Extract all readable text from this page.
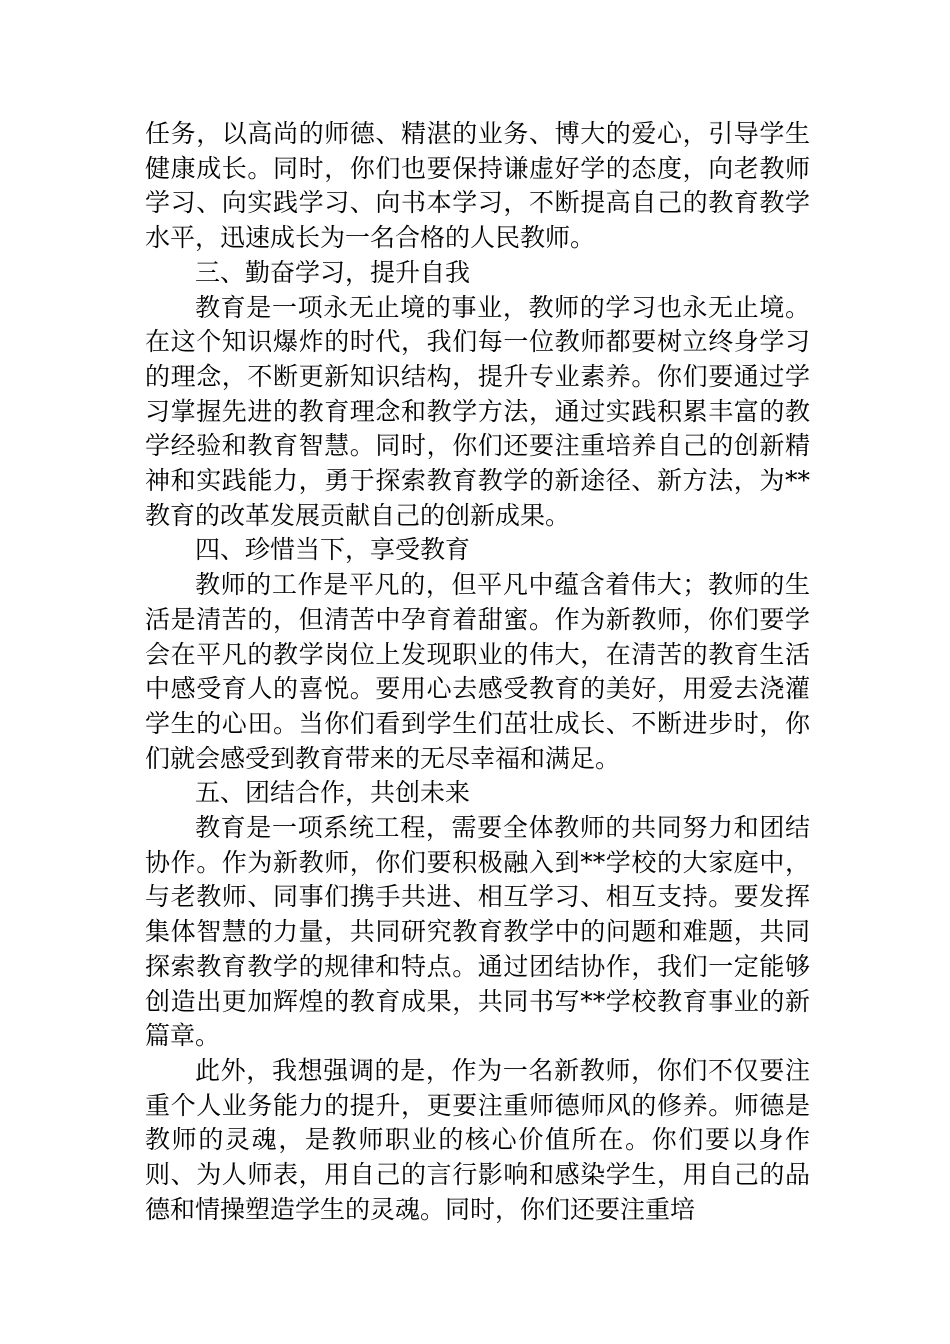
任务，以高尚的师德、精湛的业务、博大的爱心，引导学生健康成长。同时，你们也要保持谦虚好学的态度，向老教师学习、向实践学习、向书本学习，不断提高自己的教育教学水平，迅速成长为一名合格的人民教师。

三、勤奋学习，提升自我

教育是一项永无止境的事业，教师的学习也永无止境。在这个知识爆炸的时代，我们每一位教师都要树立终身学习的理念，不断更新知识结构，提升专业素养。你们要通过学习掌握先进的教育理念和教学方法，通过实践积累丰富的教学经验和教育智慧。同时，你们还要注重培养自己的创新精神和实践能力，勇于探索教育教学的新途径、新方法，为**教育的改革发展贡献自己的创新成果。

四、珍惜当下，享受教育

教师的工作是平凡的，但平凡中蕴含着伟大；教师的生活是清苦的，但清苦中孕育着甜蜜。作为新教师，你们要学会在平凡的教学岗位上发现职业的伟大，在清苦的教育生活中感受育人的喜悦。要用心去感受教育的美好，用爱去浇灌学生的心田。当你们看到学生们茁壮成长、不断进步时，你们就会感受到教育带来的无尽幸福和满足。

五、团结合作，共创未来

教育是一项系统工程，需要全体教师的共同努力和团结协作。作为新教师，你们要积极融入到**学校的大家庭中，与老教师、同事们携手共进、相互学习、相互支持。要发挥集体智慧的力量，共同研究教育教学中的问题和难题，共同探索教育教学的规律和特点。通过团结协作，我们一定能够创造出更加辉煌的教育成果，共同书写**学校教育事业的新篇章。

此外，我想强调的是，作为一名新教师，你们不仅要注重个人业务能力的提升，更要注重师德师风的修养。师德是教师的灵魂，是教师职业的核心价值所在。你们要以身作则、为人师表，用自己的言行影响和感染学生，用自己的品德和情操塑造学生的灵魂。同时，你们还要注重培
